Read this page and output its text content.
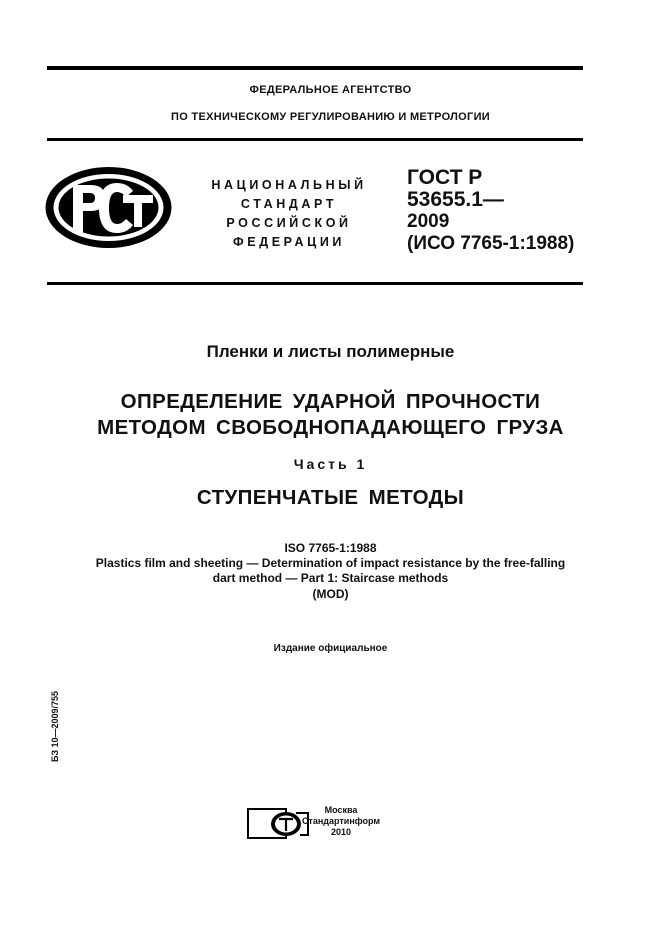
ФЕДЕРАЛЬНОЕ АГЕНТСТВО
ПО ТЕХНИЧЕСКОМУ РЕГУЛИРОВАНИЮ И МЕТРОЛОГИИ
НАЦИОНАЛЬНЫЙ
СТАНДАРТ
РОССИЙСКОЙ
ФЕДЕРАЦИИ
ГОСТ Р
53655.1—
2009
(ИСО 7765-1:1988)
Пленки и листы полимерные
ОПРЕДЕЛЕНИЕ УДАРНОЙ ПРОЧНОСТИ
МЕТОДОМ СВОБОДНОПАДАЮЩЕГО ГРУЗА
Часть 1
СТУПЕНЧАТЫЕ МЕТОДЫ
ISO 7765-1:1988
Plastics film and sheeting — Determination of impact resistance by the free-falling
dart method — Part 1: Staircase methods
(MOD)
Издание официальное
БЗ 10—2009/755
Москва
Стандартинформ
2010
